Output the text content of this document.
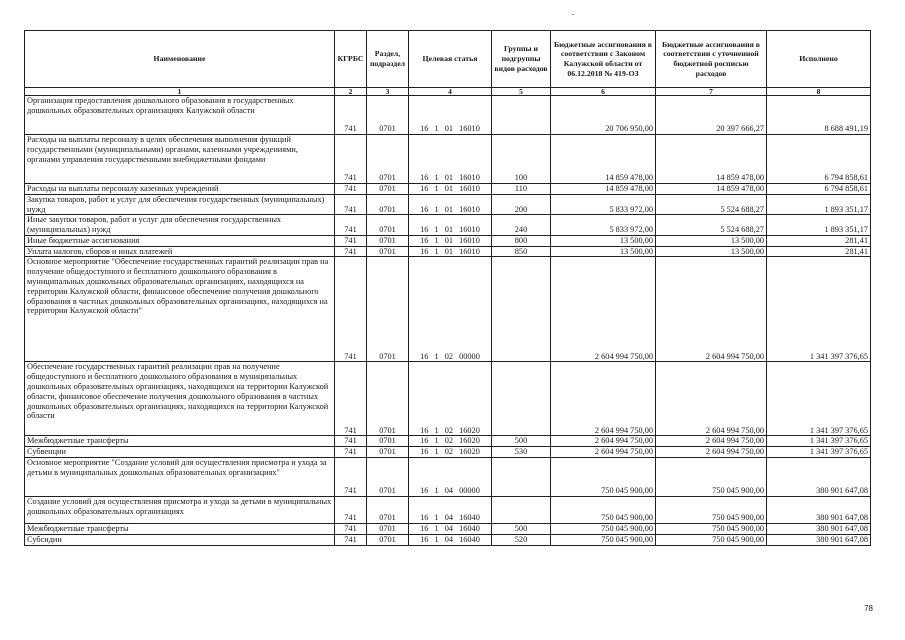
Наименование	КГРБС	Раздел, подраздел	Целевая статья	Группы и подгруппы видов расходов	Бюджетные ассигнования в соответствии с Законом Калужской области от 06.12.2018 № 419-ОЗ	Бюджетные ассигнования в соответствии с уточненной бюджетной росписью расходов	Исполнено
1	2	3	4	5	6	7	8
Организация предоставления дошкольного образования в государственных дошкольных образовательных организациях Калужской области	741	0701	16 1 01 16010		20 706 950,00	20 397 666,27	8 688 491,19
Расходы на выплаты персоналу в целях обеспечения выполнения функций государственными (муниципальными) органами, казенными учреждениями, органами управления государственными внебюджетными фондами	741	0701	16 1 01 16010	100	14 859 478,00	14 859 478,00	6 794 858,61
Расходы на выплаты персоналу казенных учреждений	741	0701	16 1 01 16010	110	14 859 478,00	14 859 478,00	6 794 858,61
Закупка товаров, работ и услуг для обеспечения государственных (муниципальных) нужд	741	0701	16 1 01 16010	200	5 833 972,00	5 524 688,27	1 893 351,17
Иные закупки товаров, работ и услуг для обеспечения государственных (муниципальных) нужд	741	0701	16 1 01 16010	240	5 833 972,00	5 524 688,27	1 893 351,17
Иные бюджетные ассигнования	741	0701	16 1 01 16010	800	13 500,00	13 500,00	281,41
Уплата налогов, сборов и иных платежей	741	0701	16 1 01 16010	850	13 500,00	13 500,00	281,41
Основное мероприятие "Обеспечение государственных гарантий реализации прав на получение общедоступного и бесплатного дошкольного образования в муниципальных дошкольных образовательных организациях, находящихся на территории Калужской области, финансовое обеспечение получения дошкольного образования в частных дошкольных образовательных организациях, находящихся на территории Калужской области"	741	0701	16 1 02 00000		2 604 994 750,00	2 604 994 750,00	1 341 397 376,65
Обеспечение государственных гарантий реализации прав на получение общедоступного и бесплатного дошкольного образования в муниципальных дошкольных образовательных организациях, находящихся на территории Калужской области, финансовое обеспечение получения дошкольного образования в частных дошкольных образовательных организациях, находящихся на территории Калужской области	741	0701	16 1 02 16020		2 604 994 750,00	2 604 994 750,00	1 341 397 376,65
Межбюджетные трансферты	741	0701	16 1 02 16020	500	2 604 994 750,00	2 604 994 750,00	1 341 397 376,65
Субвенции	741	0701	16 1 02 16020	530	2 604 994 750,00	2 604 994 750,00	1 341 397 376,65
Основное мероприятие "Создание условий для осуществления присмотра и ухода за детьми в муниципальных дошкольных образовательных организациях"	741	0701	16 1 04 00000		750 045 900,00	750 045 900,00	380 901 647,08
Создание условий для осуществления присмотра и ухода за детьми в муниципальных дошкольных образовательных организациях	741	0701	16 1 04 16040		750 045 900,00	750 045 900,00	380 901 647,08
Межбюджетные трансферты	741	0701	16 1 04 16040	500	750 045 900,00	750 045 900,00	380 901 647,08
Субсидии	741	0701	16 1 04 16040	520	750 045 900,00	750 045 900,00	380 901 647,08
78
